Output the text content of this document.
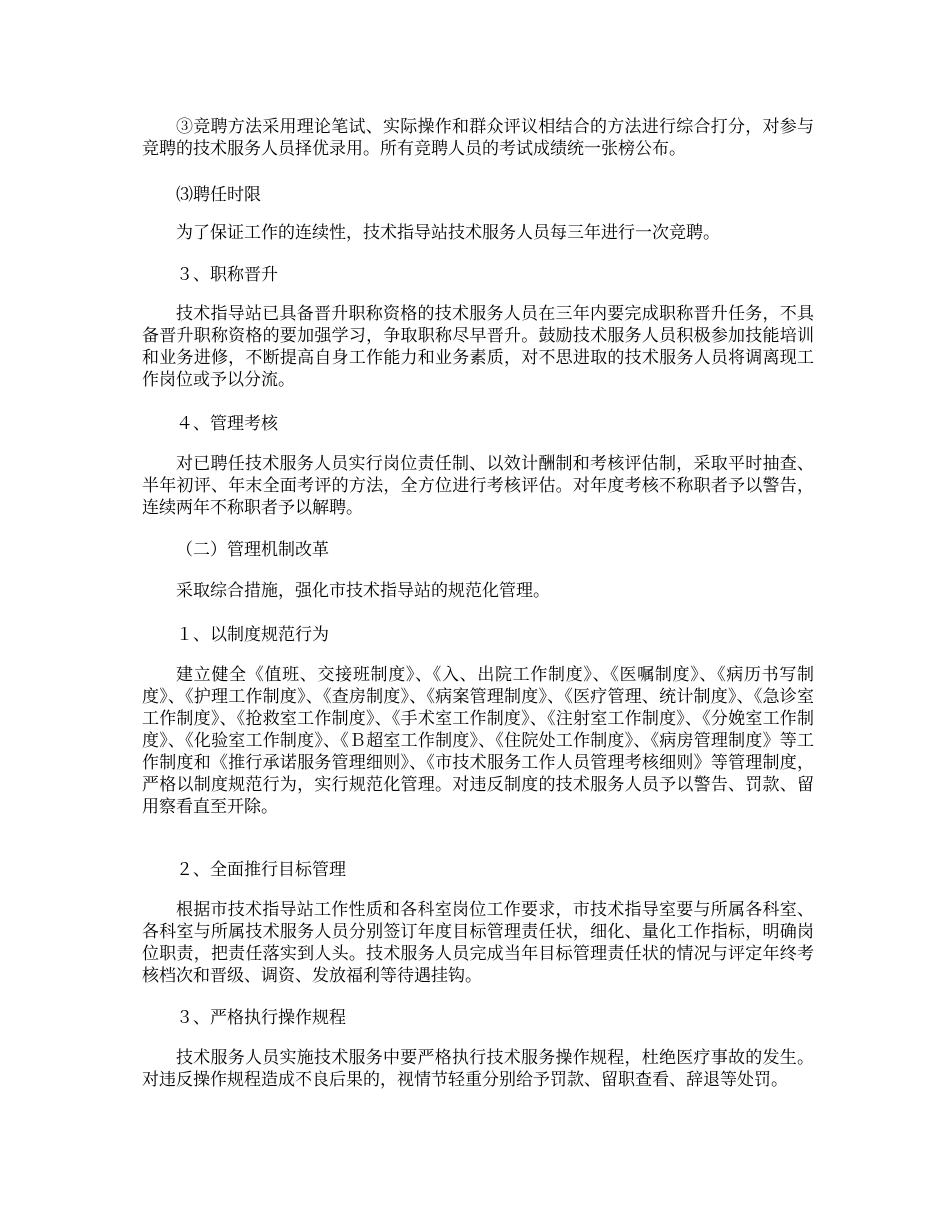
③竞聘方法采用理论笔试、实际操作和群众评议相结合的方法进行综合打分，对参与竞聘的技术服务人员择优录用。所有竞聘人员的考试成绩统一张榜公布。

⑶聘任时限

为了保证工作的连续性，技术指导站技术服务人员每三年进行一次竞聘。

３、职称晋升

技术指导站已具备晋升职称资格的技术服务人员在三年内要完成职称晋升任务，不具备晋升职称资格的要加强学习，争取职称尽早晋升。鼓励技术服务人员积极参加技能培训和业务进修，不断提高自身工作能力和业务素质，对不思进取的技术服务人员将调离现工作岗位或予以分流。

４、管理考核

对已聘任技术服务人员实行岗位责任制、以效计酬制和考核评估制，采取平时抽查、半年初评、年末全面考评的方法，全方位进行考核评估。对年度考核不称职者予以警告，连续两年不称职者予以解聘。

（二）管理机制改革

采取综合措施，强化市技术指导站的规范化管理。

１、以制度规范行为

建立健全《值班、交接班制度》、《入、出院工作制度》、《医嘱制度》、《病历书写制度》、《护理工作制度》、《查房制度》、《病案管理制度》、《医疗管理、统计制度》、《急诊室工作制度》、《抢救室工作制度》、《手术室工作制度》、《注射室工作制度》、《分娩室工作制度》、《化验室工作制度》、《Ｂ超室工作制度》、《住院处工作制度》、《病房管理制度》等工作制度和《推行承诺服务管理细则》、《市技术服务工作人员管理考核细则》等管理制度，严格以制度规范行为，实行规范化管理。对违反制度的技术服务人员予以警告、罚款、留用察看直至开除。

２、全面推行目标管理

根据市技术指导站工作性质和各科室岗位工作要求，市技术指导室要与所属各科室、各科室与所属技术服务人员分别签订年度目标管理责任状，细化、量化工作指标，明确岗位职责，把责任落实到人头。技术服务人员完成当年目标管理责任状的情况与评定年终考核档次和晋级、调资、发放福利等待遇挂钩。

３、严格执行操作规程

技术服务人员实施技术服务中要严格执行技术服务操作规程，杜绝医疗事故的发生。对违反操作规程造成不良后果的，视情节轻重分别给予罚款、留职查看、辞退等处罚。
